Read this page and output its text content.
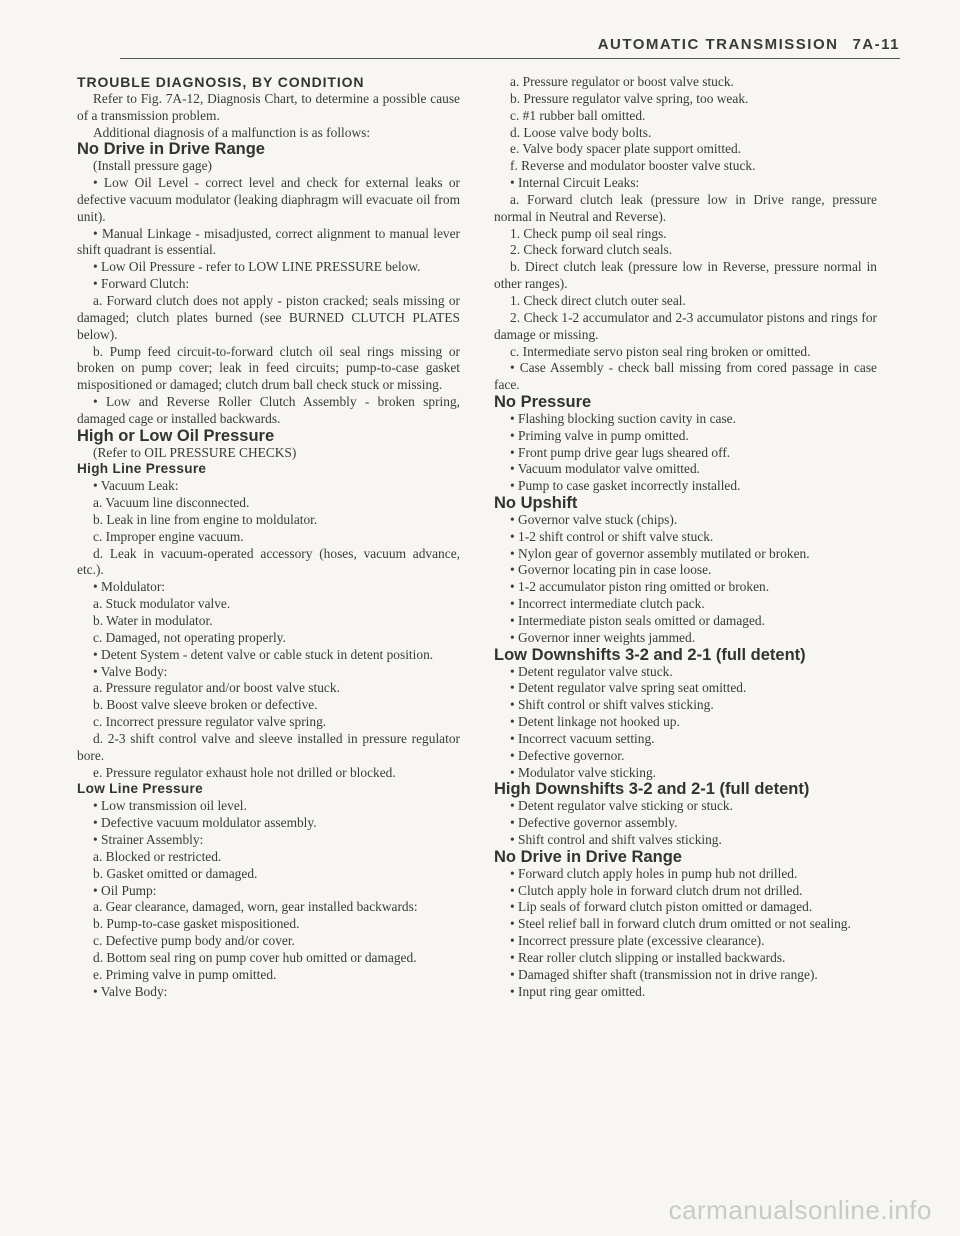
AUTOMATIC TRANSMISSION 7A-11

TROUBLE DIAGNOSIS, BY CONDITION

Refer to Fig. 7A-12, Diagnosis Chart, to determine a possible cause of a transmission problem.

Additional diagnosis of a malfunction is as follows:

No Drive in Drive Range

(Install pressure gage)

• Low Oil Level - correct level and check for external leaks or defective vacuum modulator (leaking diaphragm will evacuate oil from unit).

• Manual Linkage - misadjusted, correct alignment to manual lever shift quadrant is essential.

• Low Oil Pressure - refer to LOW LINE PRESSURE below.

• Forward Clutch:

a. Forward clutch does not apply - piston cracked; seals missing or damaged; clutch plates burned (see BURNED CLUTCH PLATES below).

b. Pump feed circuit-to-forward clutch oil seal rings missing or broken on pump cover; leak in feed circuits; pump-to-case gasket mispositioned or damaged; clutch drum ball check stuck or missing.

• Low and Reverse Roller Clutch Assembly - broken spring, damaged cage or installed backwards.

High or Low Oil Pressure

(Refer to OIL PRESSURE CHECKS)

High Line Pressure

• Vacuum Leak:

a. Vacuum line disconnected.

b. Leak in line from engine to moldulator.

c. Improper engine vacuum.

d. Leak in vacuum-operated accessory (hoses, vacuum advance, etc.).

• Moldulator:

a. Stuck modulator valve.

b. Water in modulator.

c. Damaged, not operating properly.

• Detent System - detent valve or cable stuck in detent position.

• Valve Body:

a. Pressure regulator and/or boost valve stuck.

b. Boost valve sleeve broken or defective.

c. Incorrect pressure regulator valve spring.

d. 2-3 shift control valve and sleeve installed in pressure regulator bore.

e. Pressure regulator exhaust hole not drilled or blocked.

Low Line Pressure

• Low transmission oil level.

• Defective vacuum moldulator assembly.

• Strainer Assembly:

a. Blocked or restricted.

b. Gasket omitted or damaged.

• Oil Pump:

a. Gear clearance, damaged, worn, gear installed backwards:

b. Pump-to-case gasket mispositioned.

c. Defective pump body and/or cover.

d. Bottom seal ring on pump cover hub omitted or damaged.

e. Priming valve in pump omitted.

• Valve Body:

a. Pressure regulator or boost valve stuck.

b. Pressure regulator valve spring, too weak.

c. #1 rubber ball omitted.

d. Loose valve body bolts.

e. Valve body spacer plate support omitted.

f. Reverse and modulator booster valve stuck.

• Internal Circuit Leaks:

a. Forward clutch leak (pressure low in Drive range, pressure normal in Neutral and Reverse).

1. Check pump oil seal rings.

2. Check forward clutch seals.

b. Direct clutch leak (pressure low in Reverse, pressure normal in other ranges).

1. Check direct clutch outer seal.

2. Check 1-2 accumulator and 2-3 accumulator pistons and rings for damage or missing.

c. Intermediate servo piston seal ring broken or omitted.

• Case Assembly - check ball missing from cored passage in case face.

No Pressure

• Flashing blocking suction cavity in case.

• Priming valve in pump omitted.

• Front pump drive gear lugs sheared off.

• Vacuum modulator valve omitted.

• Pump to case gasket incorrectly installed.

No Upshift

• Governor valve stuck (chips).

• 1-2 shift control or shift valve stuck.

• Nylon gear of governor assembly mutilated or broken.

• Governor locating pin in case loose.

• 1-2 accumulator piston ring omitted or broken.

• Incorrect intermediate clutch pack.

• Intermediate piston seals omitted or damaged.

• Governor inner weights jammed.

Low Downshifts 3-2 and 2-1 (full detent)

• Detent regulator valve stuck.

• Detent regulator valve spring seat omitted.

• Shift control or shift valves sticking.

• Detent linkage not hooked up.

• Incorrect vacuum setting.

• Defective governor.

• Modulator valve sticking.

High Downshifts 3-2 and 2-1 (full detent)

• Detent regulator valve sticking or stuck.

• Defective governor assembly.

• Shift control and shift valves sticking.

No Drive in Drive Range

• Forward clutch apply holes in pump hub not drilled.

• Clutch apply hole in forward clutch drum not drilled.

• Lip seals of forward clutch piston omitted or damaged.

• Steel relief ball in forward clutch drum omitted or not sealing.

• Incorrect pressure plate (excessive clearance).

• Rear roller clutch slipping or installed backwards.

• Damaged shifter shaft (transmission not in drive range).

• Input ring gear omitted.

carmanualsonline.info
